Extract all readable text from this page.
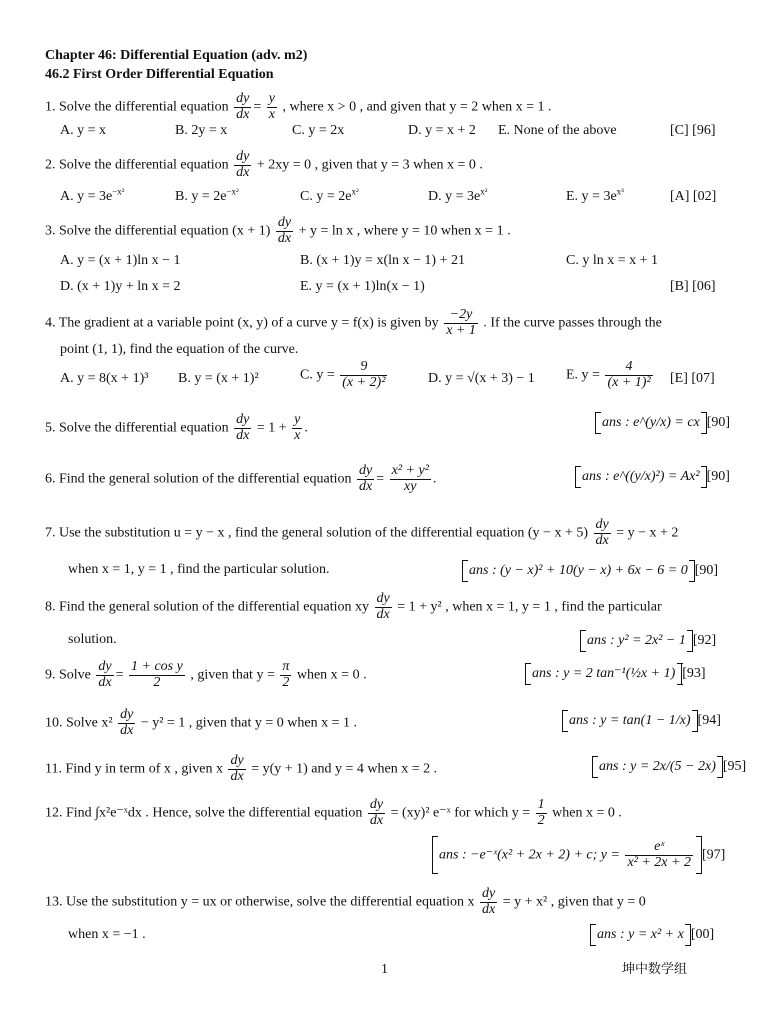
Chapter 46: Differential Equation (adv. m2)
46.2 First Order Differential Equation
1. Solve the differential equation $\frac{dy}{dx} = \frac{y}{x}$ , where x > 0 , and given that y = 2 when x = 1 .
A. y = x	B. 2y = x	C. y = 2x	D. y = x + 2 E. None of the above	[C] [96]
2. Solve the differential equation $\frac{dy}{dx} + 2xy = 0$ , given that y = 3 when x = 0 .
A. $y = 3e^{-x^2}$	B. $y = 2e^{-x^2}$	C. $y = 2e^{x^2}$	D. $y = 3e^{x^2}$	E. $y = 3e^{x^3}$	[A] [02]
3. Solve the differential equation $(x + 1) \frac{dy}{dx} + y = \ln x$ , where y = 10 when x = 1 .
A. y = (x + 1)ln x − 1	B. (x + 1)y = x(ln x − 1) + 21	C. y ln x = x + 1
D. (x + 1)y + ln x = 2	E. y = (x + 1)ln(x − 1)	[B] [06]
4. The gradient at a variable point (x, y) of a curve y = f(x) is given by $\frac{-2y}{x + 1}$ . If the curve passes through the
point (1, 1), find the equation of the curve.
A. y = 8(x + 1)³ B. y = (x + 1)²	C. $y = \frac{9}{\text{(x + 2)²}}$	D. y = √(x + 3) − 1 E. $y = \frac{4}{\text{(x + 1)²}} [E]$ [07]
5. Solve the differential equation $\frac{dy}{dx} = 1 + \frac{y}{x}$ .	ans : e^(y/x) = cx [90]
6. Find the general solution of the differential equation $\frac{dy}{dx} = \frac{\text{x² + y²}}{xy}$ .	ans : e^((y/x)²) = Ax² [90]
7. Use the substitution u = y − x , find the general solution of the differential equation $(y - x + 5) \frac{dy}{dx} = y - x + 2$
when x = 1, y = 1 , find the particular solution.	ans : (y − x)² + 10(y − x) + 6x − 6 = 0 [90]
8. Find the general solution of the differential equation xy $\frac{dy}{dx} = 1 + y^2$ , when x = 1, y = 1 , find the particular
solution.	ans : y² = 2x² − 1 [92]
9. Solve $\frac{dy}{dx} = \frac{\text{1 + cos y}}{2}$ , given that $y = \frac{\pi}{2}$ when x = 0 .	ans : y = 2 tan⁻¹(½x + 1) [93]
10. Solve $x^2 \frac{dy}{dx} - y^2 = 1$ , given that y = 0 when x = 1 .	ans : y = tan(1 − 1/x) [94]
11. Find y in term of x , given x $\frac{dy}{dx} = y(y + 1)$ and y = 4 when x = 2 .	ans : y = 2x/(5 − 2x) [95]
12. Find ∫x²e⁻ˣdx . Hence, solve the differential equation $\frac{dy}{dx} = (xy)^2$ e⁻ˣ for which $y = \frac{1}{2}$ when x = 0 .
ans : −e⁻ˣ(x² + 2x + 2) + c; $y = \frac{\text{eˣ}}{\text{x² + 2x + 2}} [97]$
13. Use the substitution y = ux or otherwise, solve the differential equation x $\frac{dy}{dx} = y + x^2$ , given that y = 0
when x = −1 .	ans : y = x² + x [00]
1	坤中数学组
